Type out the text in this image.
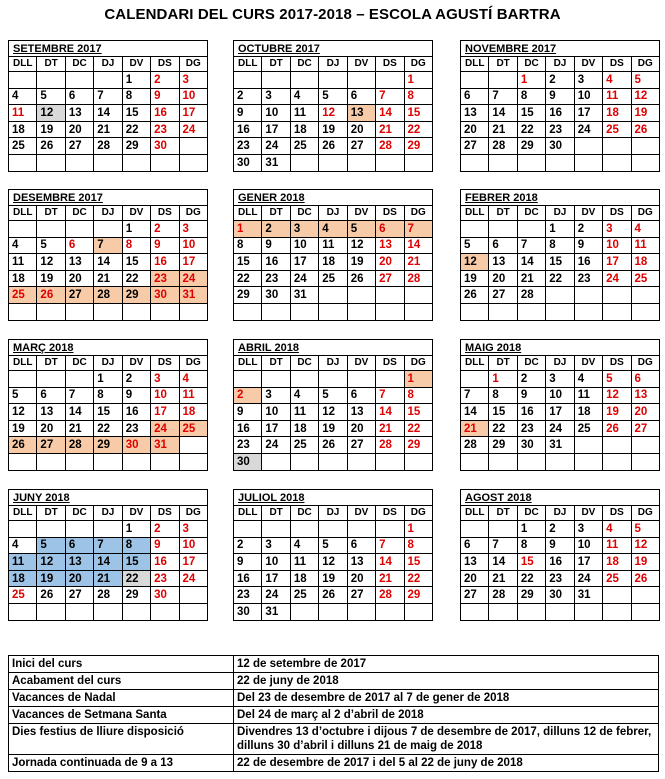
CALENDARI DEL CURS 2017-2018 – ESCOLA AGUSTÍ BARTRA
SETEMBRE 2017						
DLL	DT	DC	DJ	DV	DS	DG
				1	2	3
4	5	6	7	8	9	10
11	12	13	14	15	16	17
18	19	20	21	22	23	24
25	26	27	28	29	30	

OCTUBRE 2017						
DLL	DT	DC	DJ	DV	DS	DG
						1
2	3	4	5	6	7	8
9	10	11	12	13	14	15
16	17	18	19	20	21	22
23	24	25	26	27	28	29
30	31					
NOVEMBRE 2017						
DLL	DT	DC	DJ	DV	DS	DG
		1	2	3	4	5
6	7	8	9	10	11	12
13	14	15	16	17	18	19
20	21	22	23	24	25	26
27	28	29	30			

DESEMBRE 2017						
DLL	DT	DC	DJ	DV	DS	DG
				1	2	3
4	5	6	7	8	9	10
11	12	13	14	15	16	17
18	19	20	21	22	23	24
25	26	27	28	29	30	31

GENER 2018						
DLL	DT	DC	DJ	DV	DS	DG
1	2	3	4	5	6	7
8	9	10	11	12	13	14
15	16	17	18	19	20	21
22	23	24	25	26	27	28
29	30	31				

FEBRER 2018						
DLL	DT	DC	DJ	DV	DS	DG
			1	2	3	4
5	6	7	8	9	10	11
12	13	14	15	16	17	18
19	20	21	22	23	24	25
26	27	28				

MARÇ 2018						
DLL	DT	DC	DJ	DV	DS	DG
			1	2	3	4
5	6	7	8	9	10	11
12	13	14	15	16	17	18
19	20	21	22	23	24	25
26	27	28	29	30	31	

ABRIL 2018						
DLL	DT	DC	DJ	DV	DS	DG
						1
2	3	4	5	6	7	8
9	10	11	12	13	14	15
16	17	18	19	20	21	22
23	24	25	26	27	28	29
30						
MAIG 2018						
DLL	DT	DC	DJ	DV	DS	DG
	1	2	3	4	5	6
7	8	9	10	11	12	13
14	15	16	17	18	19	20
21	22	23	24	25	26	27
28	29	30	31			

JUNY 2018						
DLL	DT	DC	DJ	DV	DS	DG
				1	2	3
4	5	6	7	8	9	10
11	12	13	14	15	16	17
18	19	20	21	22	23	24
25	26	27	28	29	30	

JULIOL 2018						
DLL	DT	DC	DJ	DV	DS	DG
						1
2	3	4	5	6	7	8
9	10	11	12	13	14	15
16	17	18	19	20	21	22
23	24	25	26	27	28	29
30	31					
AGOST 2018						
DLL	DT	DC	DJ	DV	DS	DG
		1	2	3	4	5
6	7	8	9	10	11	12
13	14	15	16	17	18	19
20	21	22	23	24	25	26
27	28	29	30	31		

Inici del curs	12 de setembre de 2017
Acabament del curs	22 de juny de 2018
Vacances de Nadal	Del 23 de desembre de 2017 al 7 de gener de 2018
Vacances de Setmana Santa	Del 24 de març al 2 d’abril de 2018
Dies festius de lliure disposició	Divendres 13 d’octubre i dijous 7 de desembre de 2017, dilluns 12 de febrer, dilluns 30 d’abril i dilluns 21 de maig de 2018
Jornada continuada de 9 a 13	22 de desembre de 2017 i del 5 al 22 de juny de 2018
